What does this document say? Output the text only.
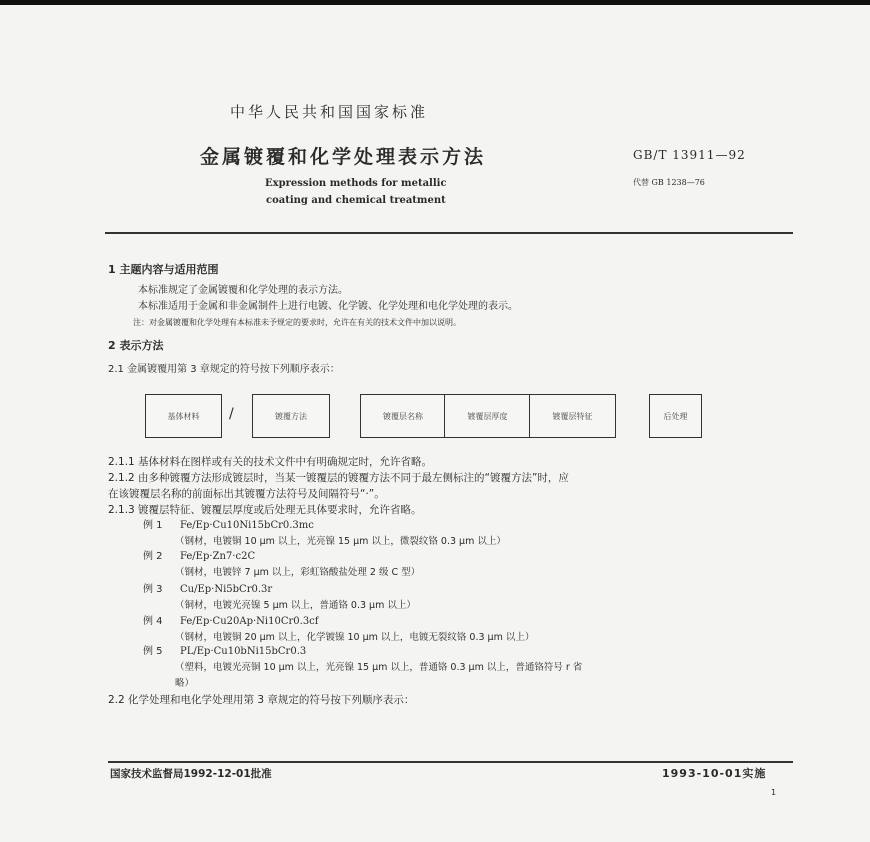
中华人民共和国国家标准
金属镀覆和化学处理表示方法	GB/T 13911—92
代替 GB 1238—76
Expression methods for metallic
coating and chemical treatment
1 主题内容与适用范围
本标准规定了金属镀覆和化学处理的表示方法。
本标准适用于金属和非金属制件上进行电镀、化学镀、化学处理和电化学处理的表示。
注：对金属镀覆和化学处理有本标准未予规定的要求时，允许在有关的技术文件中加以说明。
2 表示方法
2.1 金属镀覆用第 3 章规定的符号按下列顺序表示：
基体材料	/	镀覆方法	镀覆层名称	镀覆层厚度	镀覆层特征	后处理
2.1.1 基体材料在图样或有关的技术文件中有明确规定时，允许省略。
2.1.2 由多种镀覆方法形成镀层时，当某一镀覆层的镀覆方法不同于最左侧标注的“镀覆方法”时，应
在该镀覆层名称的前面标出其镀覆方法符号及间隔符号“·”。
2.1.3 镀覆层特征、镀覆层厚度或后处理无具体要求时，允许省略。
例 1 Fe/Ep·Cu10Ni15bCr0.3mc
（钢材，电镀铜 10 μm 以上，光亮镍 15 μm 以上，微裂纹铬 0.3 μm 以上）
例 2 Fe/Ep·Zn7·c2C
（钢材，电镀锌 7 μm 以上，彩虹铬酸盐处理 2 级 C 型）
例 3 Cu/Ep·Ni5bCr0.3r
（铜材，电镀光亮镍 5 μm 以上，普通铬 0.3 μm 以上）
例 4 Fe/Ep·Cu20Ap·Ni10Cr0.3cf
（钢材，电镀铜 20 μm 以上，化学镀镍 10 μm 以上，电镀无裂纹铬 0.3 μm 以上）
例 5 PL/Ep·Cu10bNi15bCr0.3
（塑料，电镀光亮铜 10 μm 以上，光亮镍 15 μm 以上，普通铬 0.3 μm 以上，普通铬符号 r 省
略）
2.2 化学处理和电化学处理用第 3 章规定的符号按下列顺序表示：
国家技术监督局1992-12-01批准	1993-10-01实施
1
